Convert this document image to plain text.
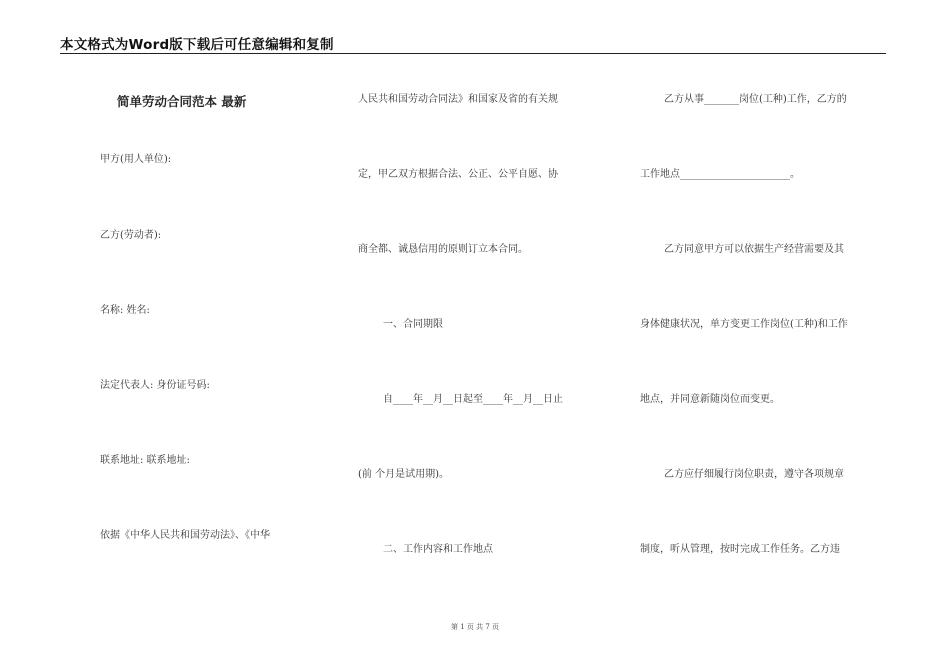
本文格式为Word版下载后可任意编辑和复制
简单劳动合同范本 最新
甲方(用人单位):
乙方(劳动者):
名称: 姓名:
法定代表人: 身份证号码:
联系地址: 联系地址:
依据《中华人民共和国劳动法》、《中华
人民共和国劳动合同法》和国家及省的有关规
定，甲乙双方根据合法、公正、公平自愿、协
商全都、诚恳信用的原则订立本合同。
一、合同期限
自____年__月__日起至____年__月__日止
(前 个月是试用期)。
二、工作内容和工作地点
乙方从事_______岗位(工种)工作，乙方的
工作地点______________________。
乙方同意甲方可以依据生产经营需要及其
身体健康状况，单方变更工作岗位(工种)和工作
地点，并同意新随岗位而变更。
乙方应仔细履行岗位职责，遵守各项规章
制度，听从管理，按时完成工作任务。乙方违
第 1 页 共 7 页
